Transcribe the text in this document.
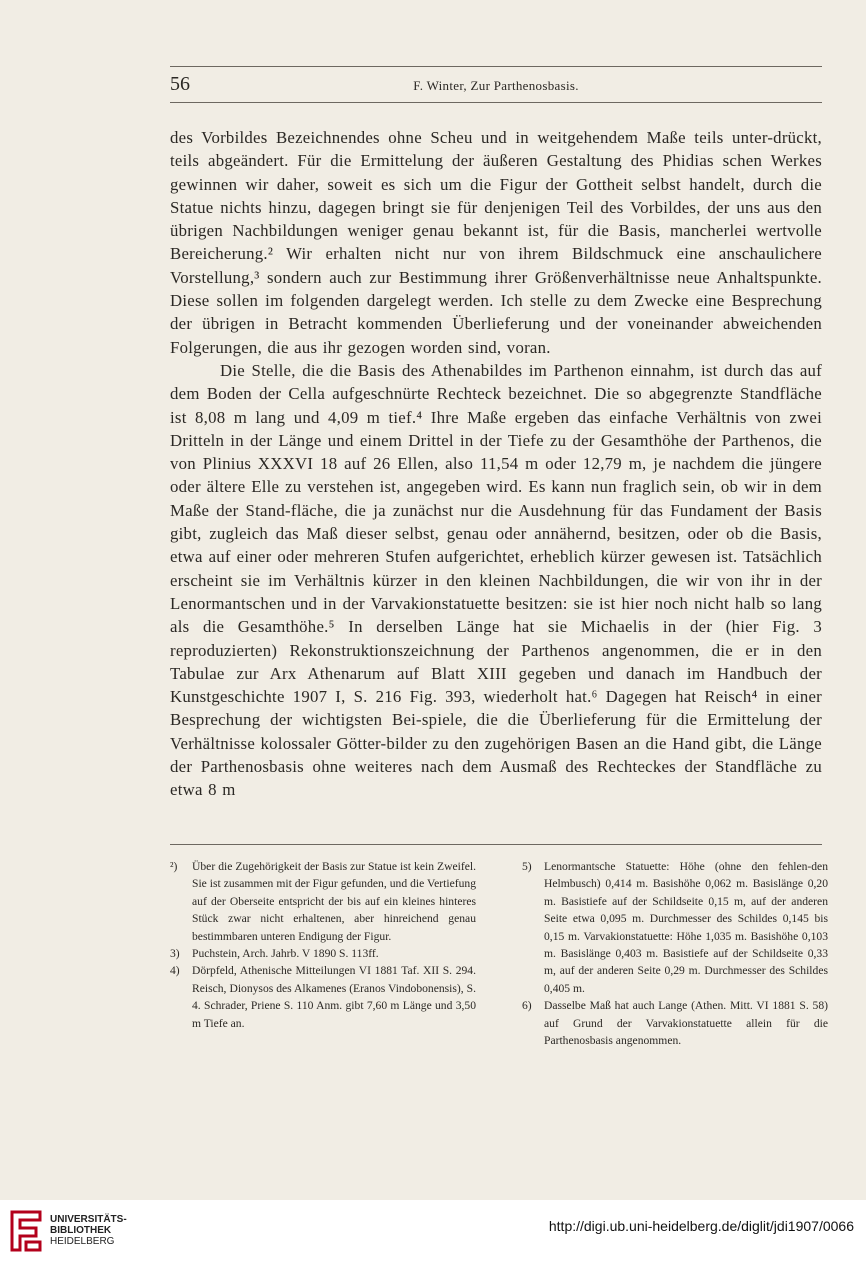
56	F. Winter, Zur Parthenosbasis.

des Vorbildes Bezeichnendes ohne Scheu und in weitgehendem Maße teils unter-drückt, teils abgeändert. Für die Ermittelung der äußeren Gestaltung des Phidias schen Werkes gewinnen wir daher, soweit es sich um die Figur der Gottheit selbst handelt, durch die Statue nichts hinzu, dagegen bringt sie für denjenigen Teil des Vorbildes, der uns aus den übrigen Nachbildungen weniger genau bekannt ist, für die Basis, mancherlei wertvolle Bereicherung.² Wir erhalten nicht nur von ihrem Bildschmuck eine anschaulichere Vorstellung,³ sondern auch zur Bestimmung ihrer Größenverhältnisse neue Anhaltspunkte. Diese sollen im folgenden dargelegt werden. Ich stelle zu dem Zwecke eine Besprechung der übrigen in Betracht kommenden Überlieferung und der voneinander abweichenden Folgerungen, die aus ihr gezogen worden sind, voran.

Die Stelle, die die Basis des Athenabildes im Parthenon einnahm, ist durch das auf dem Boden der Cella aufgeschnürte Rechteck bezeichnet. Die so abgegrenzte Standfläche ist 8,08 m lang und 4,09 m tief.⁴ Ihre Maße ergeben das einfache Verhältnis von zwei Dritteln in der Länge und einem Drittel in der Tiefe zu der Gesamthöhe der Parthenos, die von Plinius XXXVI 18 auf 26 Ellen, also 11,54 m oder 12,79 m, je nachdem die jüngere oder ältere Elle zu verstehen ist, angegeben wird. Es kann nun fraglich sein, ob wir in dem Maße der Stand-fläche, die ja zunächst nur die Ausdehnung für das Fundament der Basis gibt, zugleich das Maß dieser selbst, genau oder annähernd, besitzen, oder ob die Basis, etwa auf einer oder mehreren Stufen aufgerichtet, erheblich kürzer gewesen ist. Tatsächlich erscheint sie im Verhältnis kürzer in den kleinen Nachbildungen, die wir von ihr in der Lenormantschen und in der Varvakionstatuette besitzen: sie ist hier noch nicht halb so lang als die Gesamthöhe.⁵ In derselben Länge hat sie Michaelis in der (hier Fig. 3 reproduzierten) Rekonstruktionszeichnung der Parthenos angenommen, die er in den Tabulae zur Arx Athenarum auf Blatt XIII gegeben und danach im Handbuch der Kunstgeschichte 1907 I, S. 216 Fig. 393, wiederholt hat.⁶ Dagegen hat Reisch⁴ in einer Besprechung der wichtigsten Bei-spiele, die die Überlieferung für die Ermittelung der Verhältnisse kolossaler Götter-bilder zu den zugehörigen Basen an die Hand gibt, die Länge der Parthenosbasis ohne weiteres nach dem Ausmaß des Rechteckes der Standfläche zu etwa 8 m

²) Über die Zugehörigkeit der Basis zur Statue ist kein Zweifel. Sie ist zusammen mit der Figur gefunden, und die Vertiefung auf der Oberseite entspricht der bis auf ein kleines hinteres Stück zwar nicht erhaltenen, aber hinreichend genau bestimmbaren unteren Endigung der Figur.

3) Puchstein, Arch. Jahrb. V 1890 S. 113ff.

4) Dörpfeld, Athenische Mitteilungen VI 1881 Taf. XII S. 294. Reisch, Dionysos des Alkamenes (Eranos Vindobonensis), S. 4. Schrader, Priene S. 110 Anm. gibt 7,60 m Länge und 3,50 m Tiefe an.

5) Lenormantsche Statuette: Höhe (ohne den fehlen-den Helmbusch) 0,414 m. Basishöhe 0,062 m. Basislänge 0,20 m. Basistiefe auf der Schildseite 0,15 m, auf der anderen Seite etwa 0,095 m. Durchmesser des Schildes 0,145 bis 0,15 m. Varvakionstatuette: Höhe 1,035 m. Basishöhe 0,103 m. Basislänge 0,403 m. Basistiefe auf der Schildseite 0,33 m, auf der anderen Seite 0,29 m. Durchmesser des Schildes 0,405 m.

6) Dasselbe Maß hat auch Lange (Athen. Mitt. VI 1881 S. 58) auf Grund der Varvakionstatuette allein für die Parthenosbasis angenommen.

UNIVERSITÄTS-
BIBLIOTHEK
HEIDELBERG
http://digi.ub.uni-heidelberg.de/diglit/jdi1907/0066
